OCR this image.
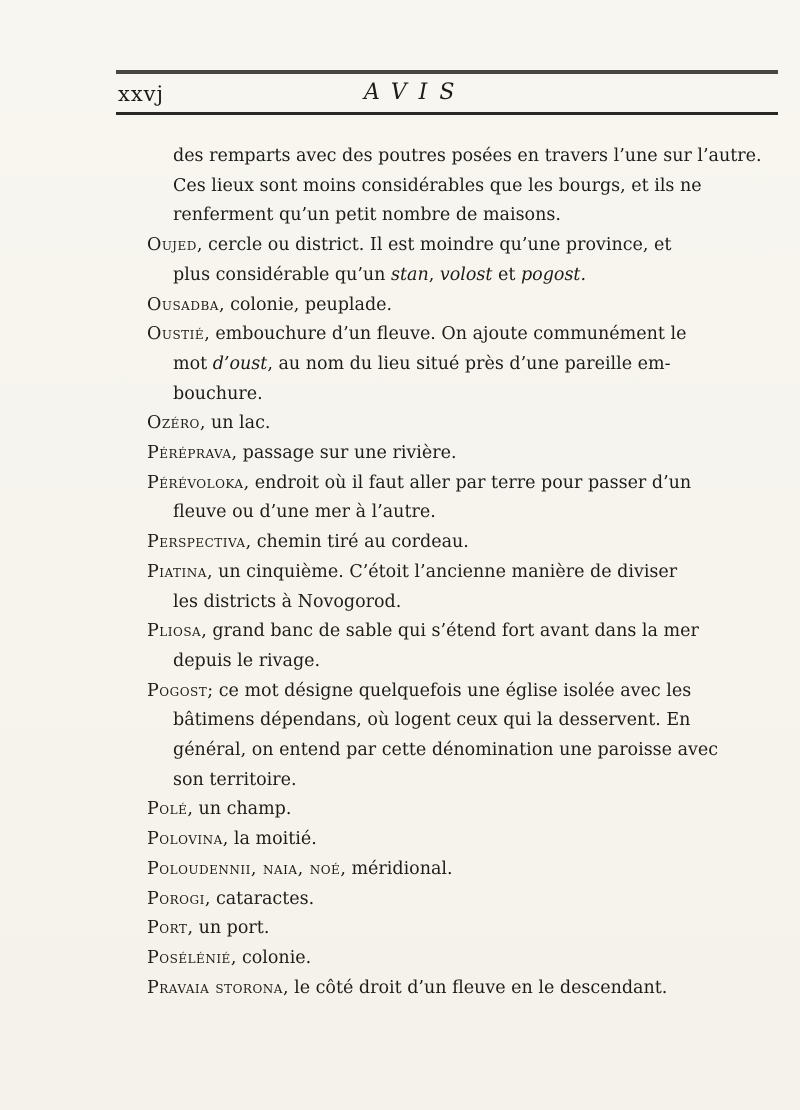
xxvj	AVIS
des remparts avec des poutres posées en travers l’une sur l’autre.
Ces lieux sont moins considérables que les bourgs, et ils ne
renferment qu’un petit nombre de maisons.
Oujed, cercle ou district. Il est moindre qu’une province, et
plus considérable qu’un stan, volost et pogost.
Ousadba, colonie, peuplade.
Oustié, embouchure d’un fleuve. On ajoute communément le
mot d’oust, au nom du lieu situé près d’une pareille em-
bouchure.
Ozéro, un lac.
Péréprava, passage sur une rivière.
Pérévoloka, endroit où il faut aller par terre pour passer d’un
fleuve ou d’une mer à l’autre.
Perspectiva, chemin tiré au cordeau.
Piatina, un cinquième. C’étoit l’ancienne manière de diviser
les districts à Novogorod.
Pliosa, grand banc de sable qui s’étend fort avant dans la mer
depuis le rivage.
Pogost; ce mot désigne quelquefois une église isolée avec les
bâtimens dépendans, où logent ceux qui la desservent. En
général, on entend par cette dénomination une paroisse avec
son territoire.
Polé, un champ.
Polovina, la moitié.
Poloudennii, naia, noé, méridional.
Porogi, cataractes.
Port, un port.
Posélénié, colonie.
Pravaia storona, le côté droit d’un fleuve en le descendant.
